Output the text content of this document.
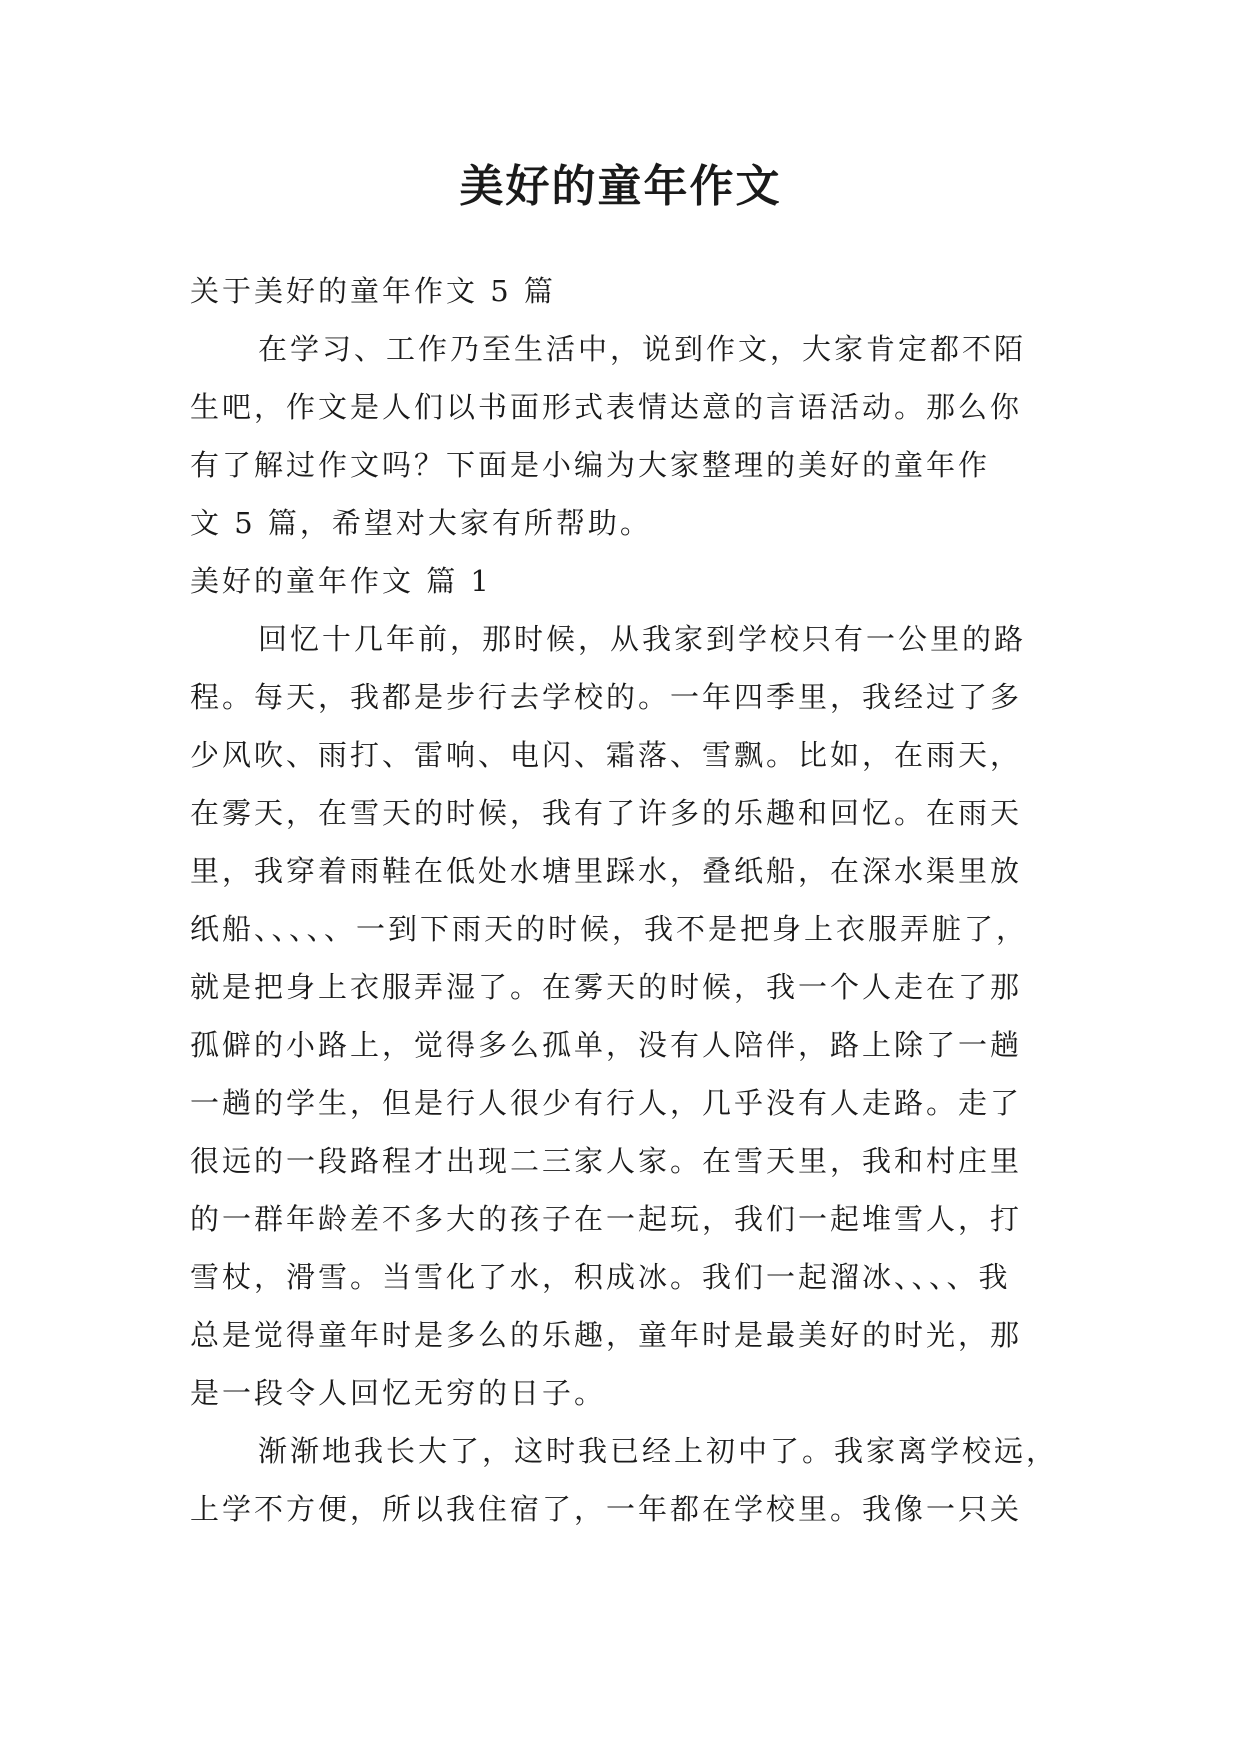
美好的童年作文
关于美好的童年作文 5 篇
在学习、工作乃至生活中，说到作文，大家肯定都不陌
生吧，作文是人们以书面形式表情达意的言语活动。那么你
有了解过作文吗？下面是小编为大家整理的美好的童年作
文 5 篇，希望对大家有所帮助。
美好的童年作文 篇 1
回忆十几年前，那时候，从我家到学校只有一公里的路
程。每天，我都是步行去学校的。一年四季里，我经过了多
少风吹、雨打、雷响、电闪、霜落、雪飘。比如，在雨天，
在雾天，在雪天的时候，我有了许多的乐趣和回忆。在雨天
里，我穿着雨鞋在低处水塘里踩水，叠纸船，在深水渠里放
纸船、、、、、一到下雨天的时候，我不是把身上衣服弄脏了，
就是把身上衣服弄湿了。在雾天的时候，我一个人走在了那
孤僻的小路上，觉得多么孤单，没有人陪伴，路上除了一趟
一趟的学生，但是行人很少有行人，几乎没有人走路。走了
很远的一段路程才出现二三家人家。在雪天里，我和村庄里
的一群年龄差不多大的孩子在一起玩，我们一起堆雪人，打
雪杖，滑雪。当雪化了水，积成冰。我们一起溜冰、、、、我
总是觉得童年时是多么的乐趣，童年时是最美好的时光，那
是一段令人回忆无穷的日子。
渐渐地我长大了，这时我已经上初中了。我家离学校远，
上学不方便，所以我住宿了，一年都在学校里。我像一只关
